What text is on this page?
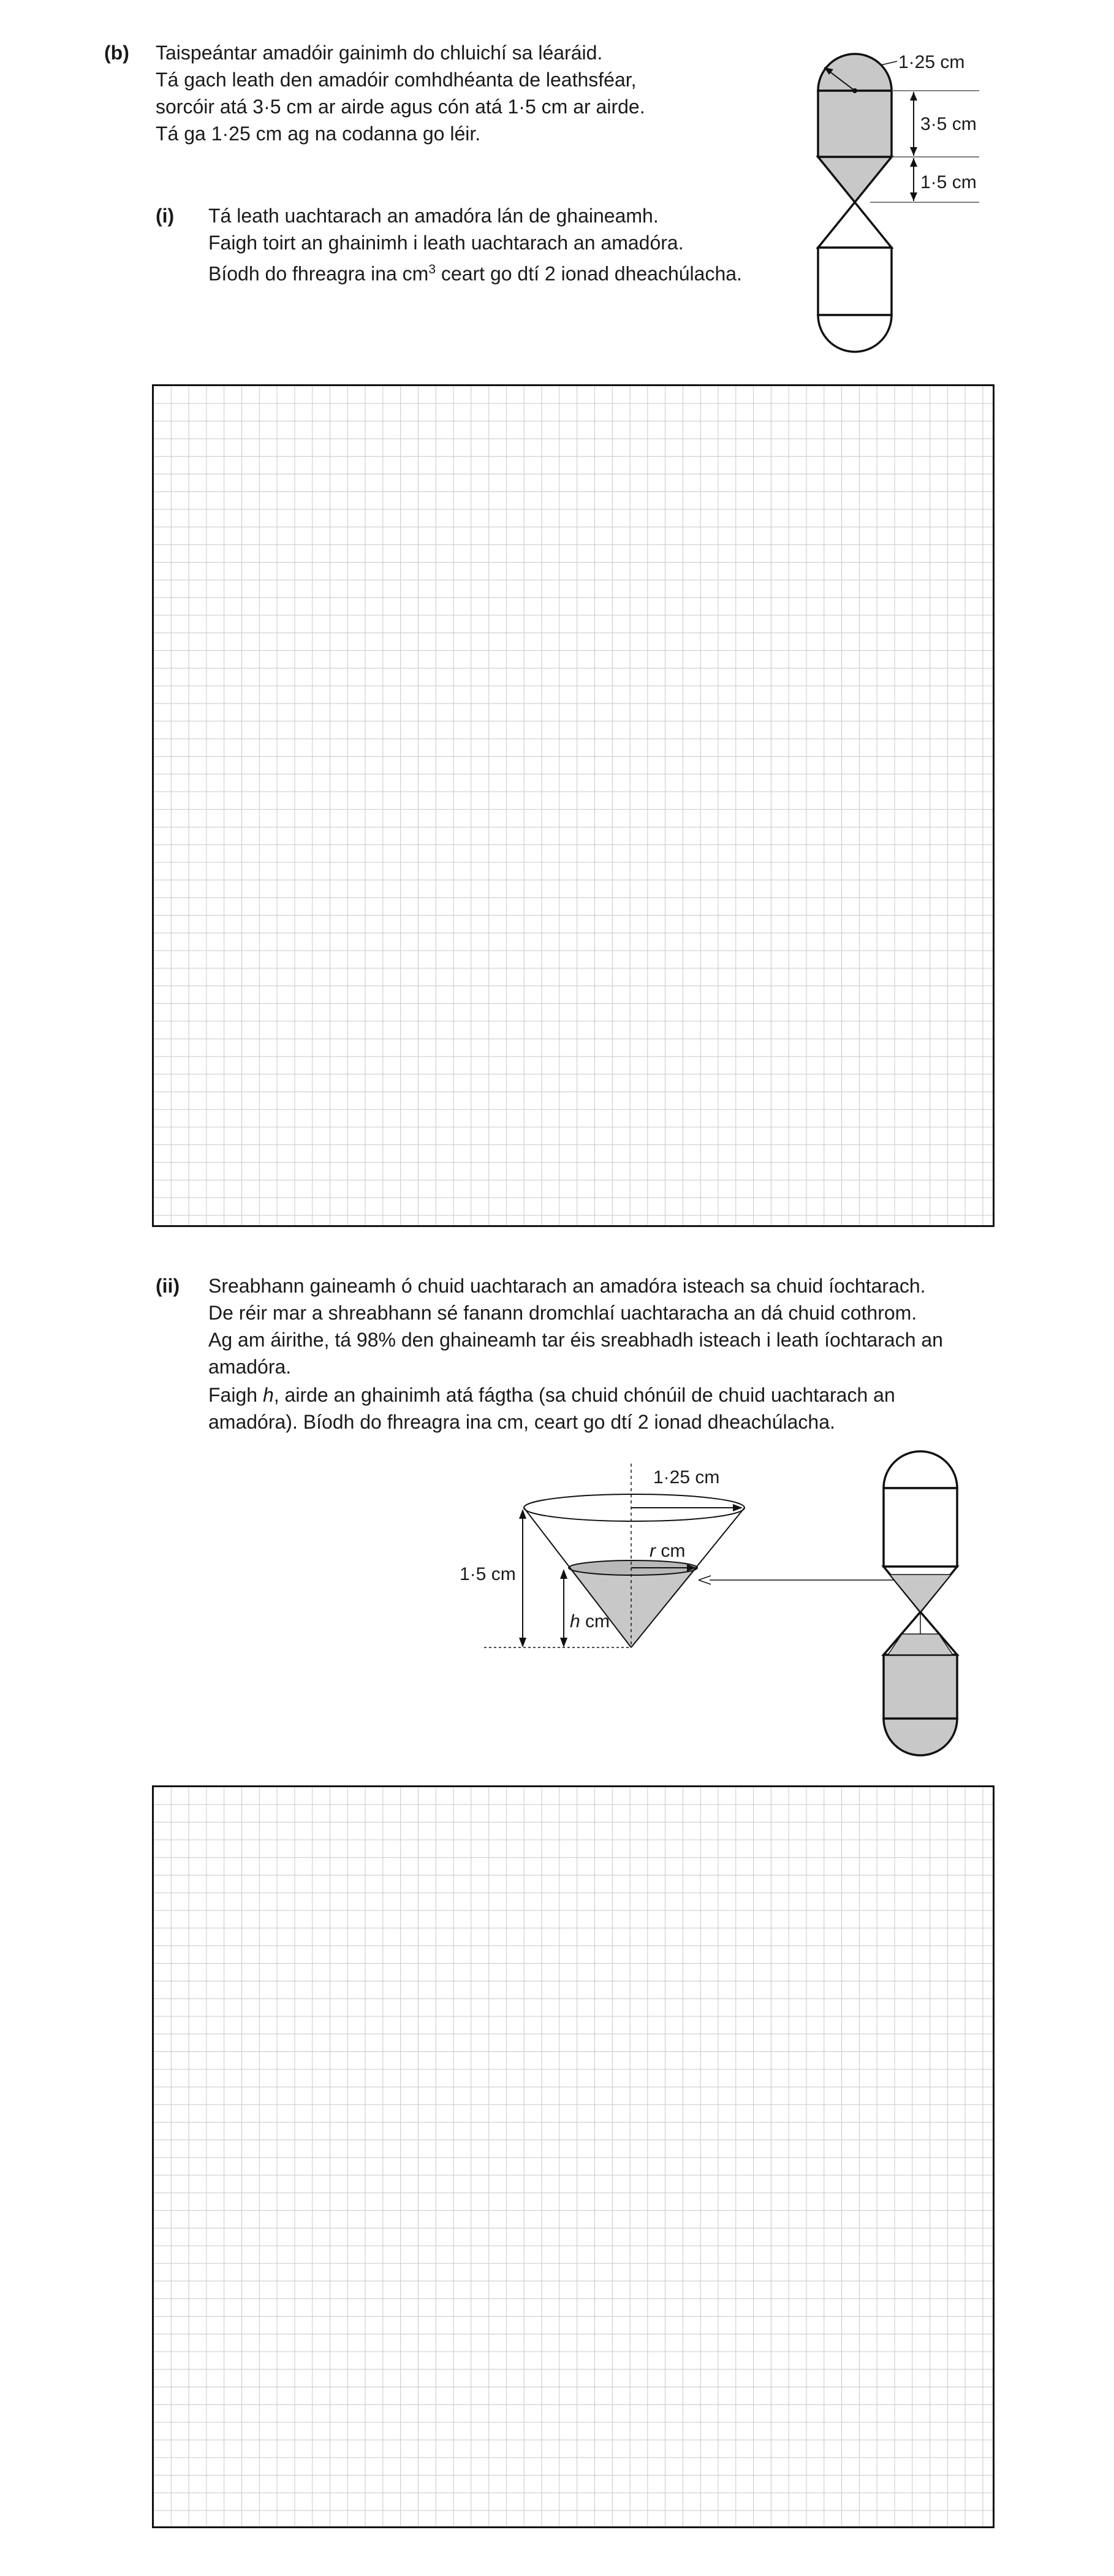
(b) Taispeántar amadóir gainimh do chluichí sa léaráid.
Tá gach leath den amadóir comhdhéanta de leathsféar,
sorcóir atá 3·5 cm ar airde agus cón atá 1·5 cm ar airde.
Tá ga 1·25 cm ag na codanna go léir.
(i) Tá leath uachtarach an amadóra lán de ghaineamh.
Faigh toirt an ghainimh i leath uachtarach an amadóra.
Bíodh do fhreagra ina $cm^3$ ceart go dtí 2 ionad dheachúlacha.
1·25 cm
3·5 cm
1·5 cm
(ii) Sreabhann gaineamh ó chuid uachtarach an amadóra isteach sa chuid íochtarach.
De réir mar a shreabhann sé fanann dromchlaí uachtaracha an dá chuid cothrom.
Ag am áirithe, tá 98% den ghaineamh tar éis sreabhadh isteach i leath íochtarach an
amadóra.
Faigh h, airde an ghainimh atá fágtha (sa chuid chónúil de chuid uachtarach an
amadóra). Bíodh do fhreagra ina cm, ceart go dtí 2 ionad dheachúlacha.
1·25 cm
r cm
1·5 cm
h cm
